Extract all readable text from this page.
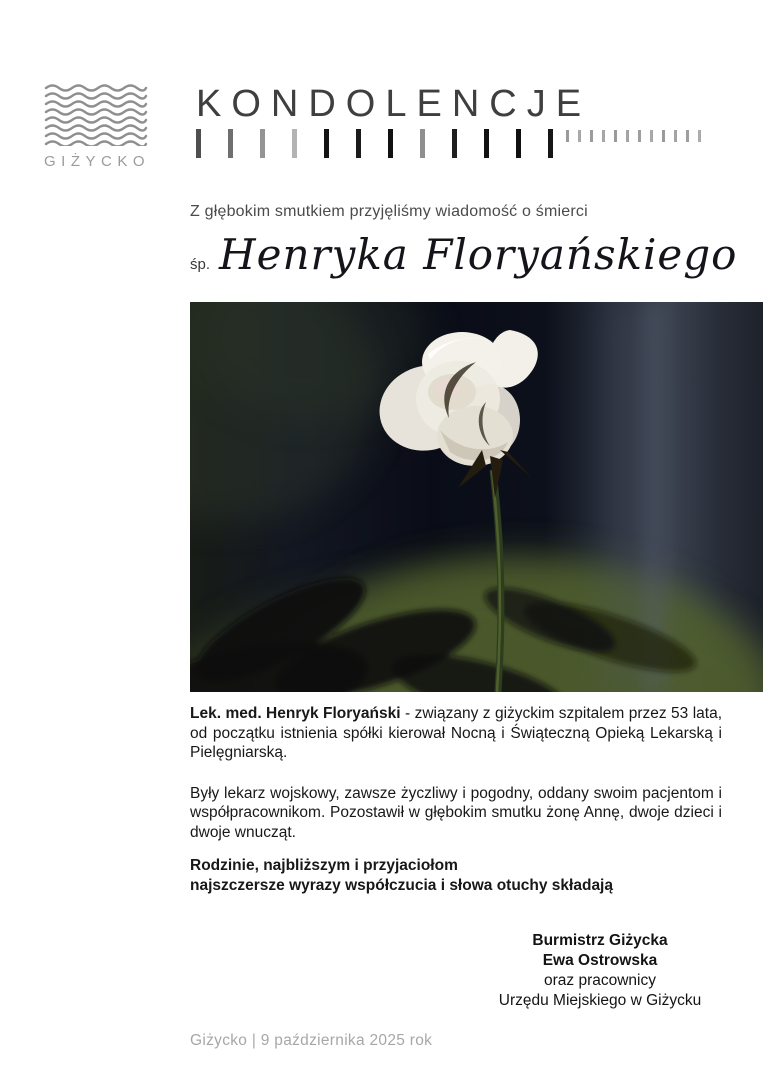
GIŻYCKO
KONDOLENCJE
Z głębokim smutkiem przyjęliśmy wiadomość o śmierci
śp. Henryka Floryańskiego

Lek. med. Henryk Floryański - związany z giżyckim szpitalem przez 53 lata, od początku istnienia spółki kierował Nocną i Świąteczną Opieką Lekarską i Pielęgniarską.

Były lekarz wojskowy, zawsze życzliwy i pogodny, oddany swoim pacjentom i współpracownikom. Pozostawił w głębokim smutku żonę Annę, dwoje dzieci i dwoje wnucząt.

Rodzinie, najbliższym i przyjaciołom
najszczersze wyrazy współczucia i słowa otuchy składają
Burmistrz Giżycka
Ewa Ostrowska
oraz pracownicy
Urzędu Miejskiego w Giżycku
Giżycko | 9 października 2025 rok
